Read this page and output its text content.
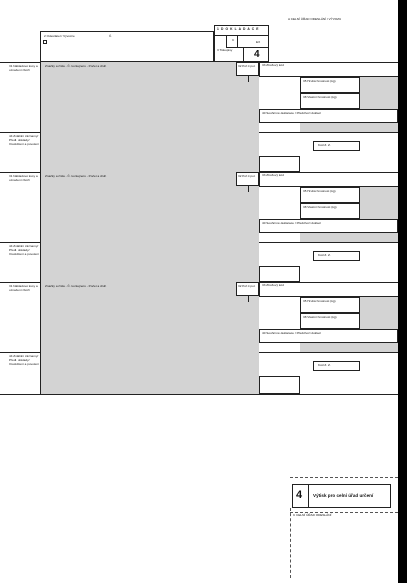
A CELNÍ ÚŘAD ODESLÁNÍ / VÝVOZU
2 Odesílatel / Vývozce	Č.
1 D O K L A D A C E
C	EX
3 Tiskopisy 4
31 Nákladové kusy a označení zboží
Značky a čísla - Č. kontejneru - Počet a druh	32 Poř.č.pol. 33 Zbožový kód
35 Hrubá hmotnost (kg)
38 Vlastní hmotnost (kg)
40 Souhrnné deklarace / Předchozí doklad
44 Zvláštní záznamy/ Předl. doklady/ Osvědčení a povolení	Kód Z. Z.
31 Nákladové kusy a označení zboží
Značky a čísla - Č. kontejneru - Počet a druh	32 Poř.č.pol. 33 Zbožový kód
35 Hrubá hmotnost (kg)
38 Vlastní hmotnost (kg)
40 Souhrnné deklarace / Předchozí doklad
44 Zvláštní záznamy/ Předl. doklady/ Osvědčení a povolení	Kód Z. Z.
31 Nákladové kusy a označení zboží
Značky a čísla - Č. kontejneru - Počet a druh	32 Poř.č.pol. 33 Zbožový kód
35 Hrubá hmotnost (kg)
38 Vlastní hmotnost (kg)
40 Souhrnné deklarace / Předchozí doklad
44 Zvláštní záznamy/ Předl. doklady/ Osvědčení a povolení	Kód Z. Z.
4 Výtisk pro celní úřad určení
C CELNÍ ÚŘAD ODESLÁNÍ
